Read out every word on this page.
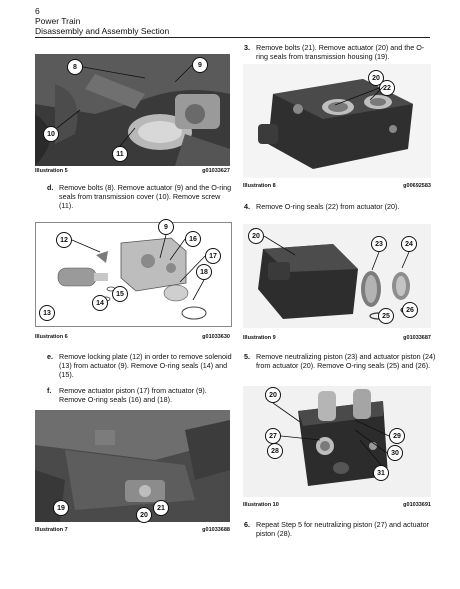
6
Power Train
Disassembly and Assembly Section
8	9
10
11
Illustration 5	g01033627
d. Remove bolts (8). Remove actuator (9) and the O-ring seals from transmission cover (10). Remove screw (11).
9
12
13
14
15
16
17
18
Illustration 6	g01033630
e. Remove locking plate (12) in order to remove solenoid (13) from actuator (9). Remove O-ring seals (14) and (15).
f. Remove actuator piston (17) from actuator (9). Remove O-ring seals (16) and (18).
19
20
21
Illustration 7	g01033688
3. Remove bolts (21). Remove actuator (20) and the O-ring seals from transmission housing (19).
20
22
Illustration 8	g00692583
4. Remove O-ring seals (22) from actuator (20).
20
23	24
25
26
Illustration 9	g01033687
5. Remove neutralizing piston (23) and actuator piston (24) from actuator (20). Remove O-ring seals (25) and (26).
20
27
28
29
30
31
Illustration 10	g01033691
6. Repeat Step 5 for neutralizing piston (27) and actuator piston (28).
